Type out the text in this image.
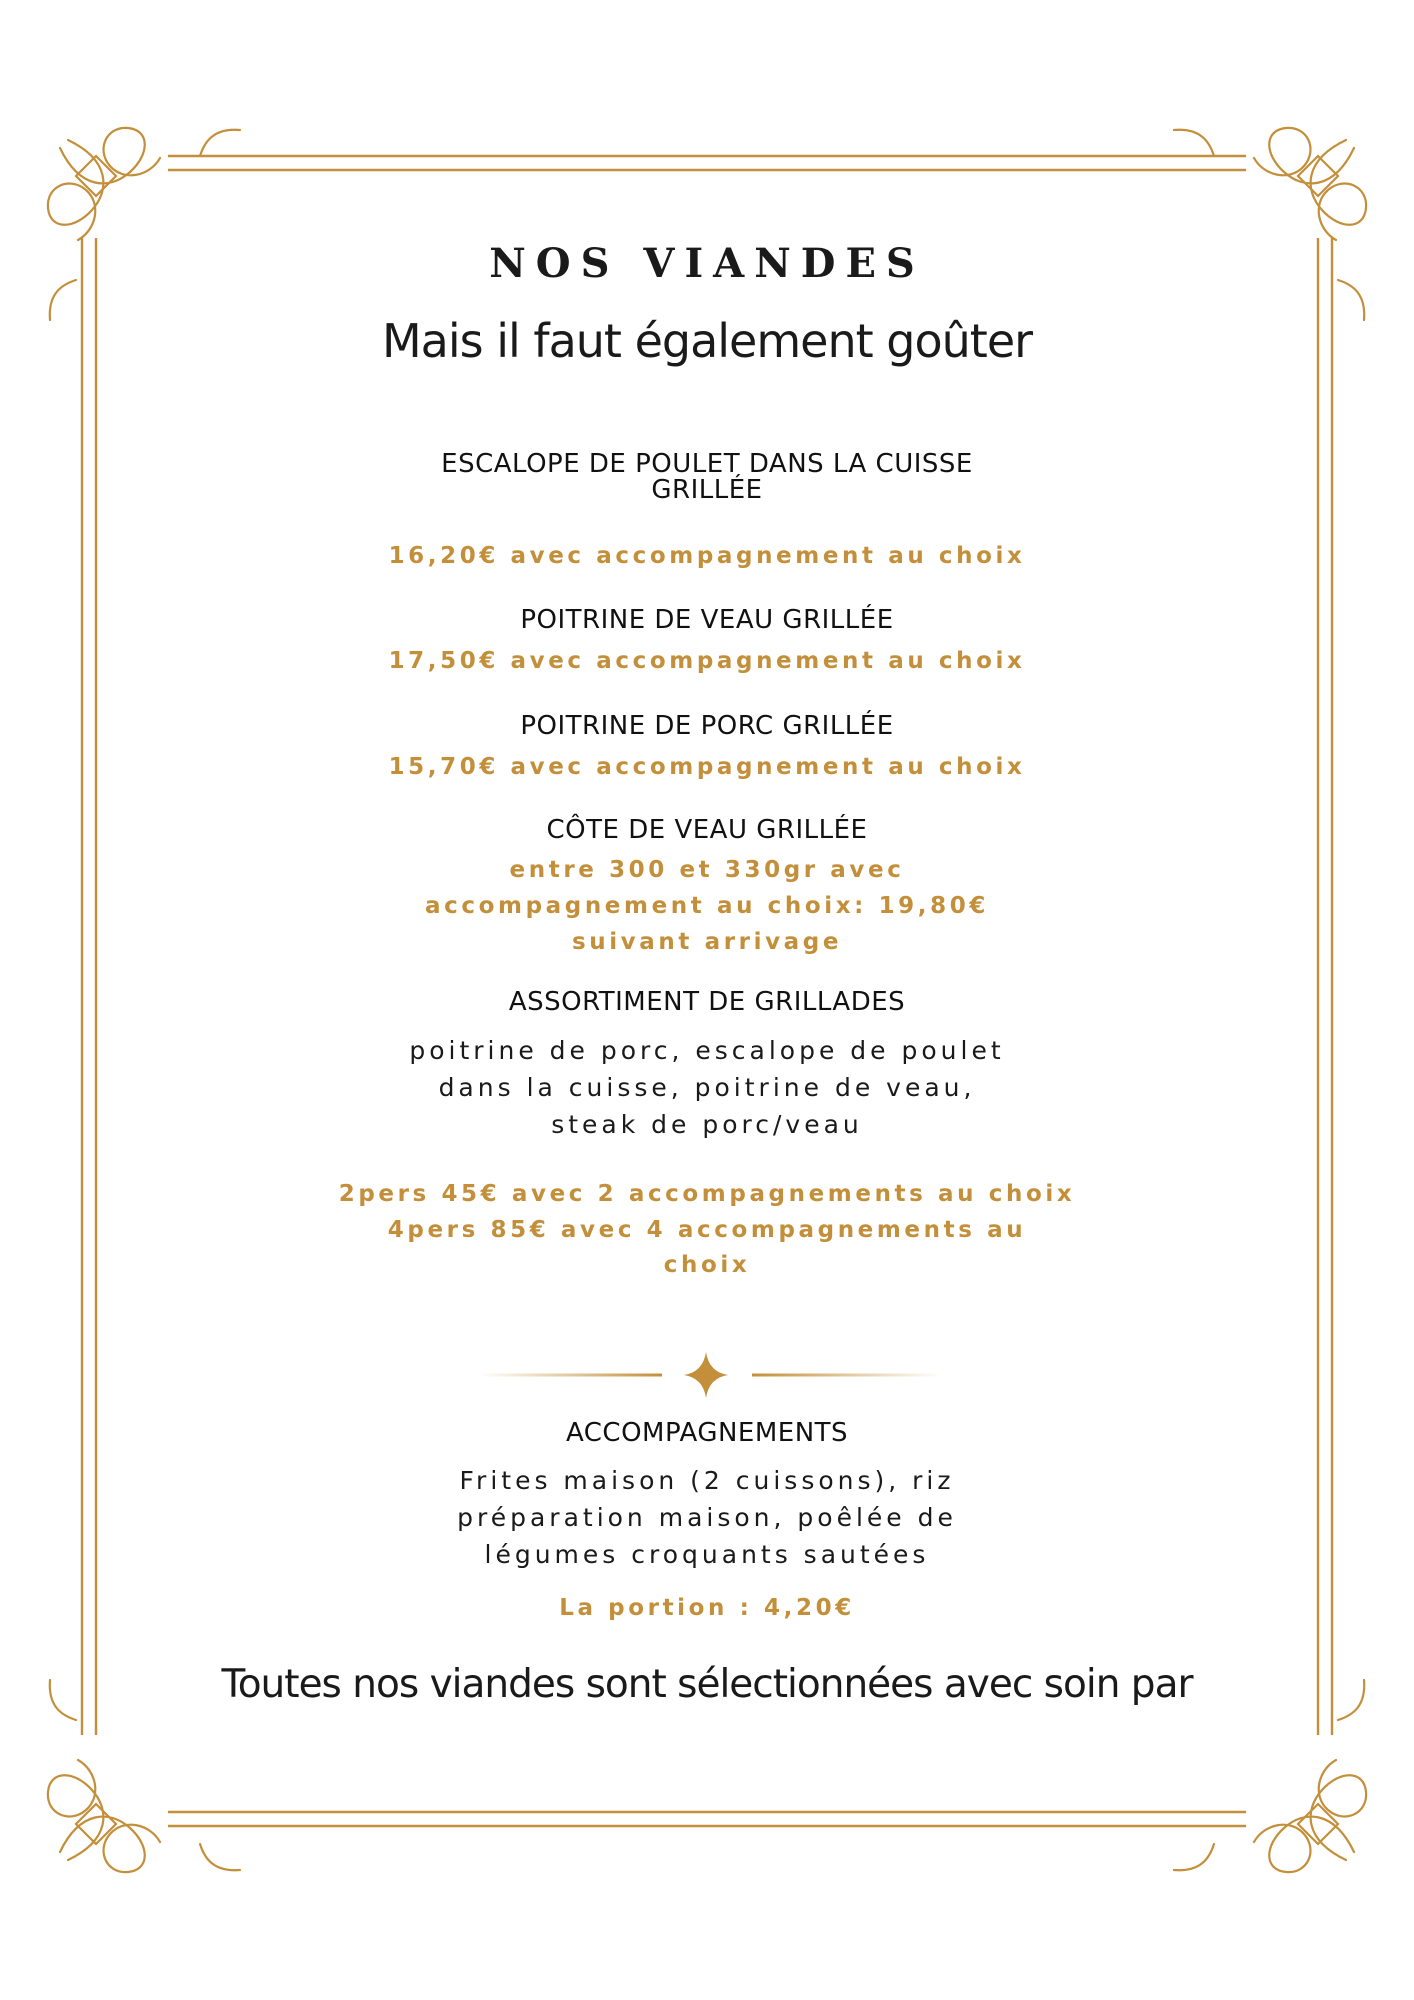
NOS VIANDES
Mais il faut également goûter
ESCALOPE DE POULET DANS LA CUISSE
GRILLÉE
16,20€ avec accompagnement au choix
POITRINE DE VEAU GRILLÉE
17,50€ avec accompagnement au choix
POITRINE DE PORC GRILLÉE
15,70€ avec accompagnement au choix
CÔTE DE VEAU GRILLÉE
entre 300 et 330gr avec
accompagnement au choix: 19,80€
suivant arrivage
ASSORTIMENT DE GRILLADES
poitrine de porc, escalope de poulet
dans la cuisse, poitrine de veau,
steak de porc/veau
2pers 45€ avec 2 accompagnements au choix
4pers 85€ avec 4 accompagnements au
choix
ACCOMPAGNEMENTS
Frites maison (2 cuissons), riz
préparation maison, poêlée de
légumes croquants sautées
La portion : 4,20€
Toutes nos viandes sont sélectionnées avec soin par
